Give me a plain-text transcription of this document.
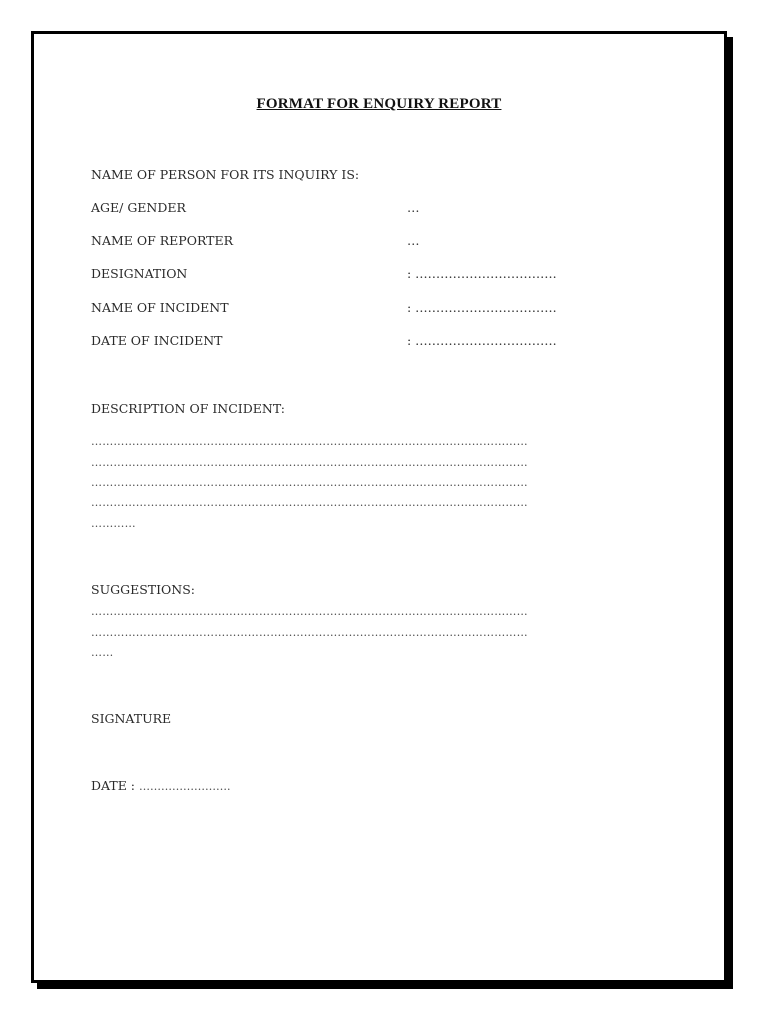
FORMAT FOR ENQUIRY REPORT
NAME OF PERSON FOR ITS INQUIRY IS:
AGE/ GENDER	…
NAME OF REPORTER	…
DESIGNATION	: …………………………….
NAME OF INCIDENT	: …………………………….
DATE OF INCIDENT	: …………………………….
DESCRIPTION OF INCIDENT:
………………………………………………………………………………………………………
………………………………………………………………………………………………………
………………………………………………………………………………………………………
………………………………………………………………………………………………………
…………
SUGGESTIONS:
………………………………………………………………………………………………………
………………………………………………………………………………………………………
……
SIGNATURE
DATE : …………………….
